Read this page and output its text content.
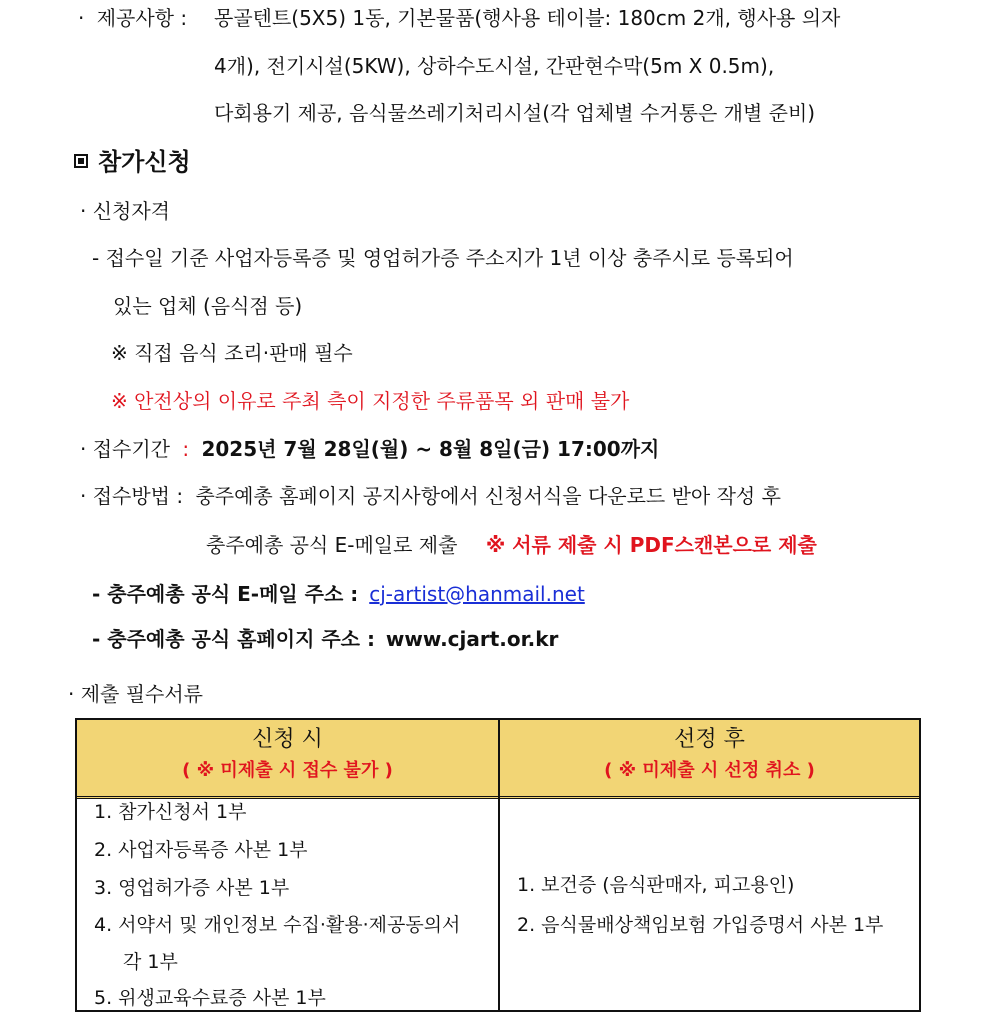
· 제공사항 : 몽골텐트(5X5) 1동, 기본물품(행사용 테이블: 180cm 2개, 행사용 의자
4개), 전기시설(5KW), 상하수도시설, 간판현수막(5m X 0.5m),
다회용기 제공, 음식물쓰레기처리시설(각 업체별 수거통은 개별 준비)
참가신청
· 신청자격
- 접수일 기준 사업자등록증 및 영업허가증 주소지가 1년 이상 충주시로 등록되어
있는 업체 (음식점 등)
※ 직접 음식 조리·판매 필수
※ 안전상의 이유로 주최 측이 지정한 주류품목 외 판매 불가
· 접수기간 : 2025년 7월 28일(월) ~ 8월 8일(금) 17:00까지
· 접수방법 : 충주예총 홈페이지 공지사항에서 신청서식을 다운로드 받아 작성 후
충주예총 공식 E-메일로 제출 ※ 서류 제출 시 PDF스캔본으로 제출
- 충주예총 공식 E-메일 주소 : cj-artist@hanmail.net
- 충주예총 공식 홈페이지 주소 : www.cjart.or.kr
· 제출 필수서류
신청 시
( ※ 미제출 시 접수 불가 )
선정 후
( ※ 미제출 시 선정 취소 )
1. 참가신청서 1부
2. 사업자등록증 사본 1부
3. 영업허가증 사본 1부
4. 서약서 및 개인정보 수집·활용·제공동의서
각 1부
5. 위생교육수료증 사본 1부
1. 보건증 (음식판매자, 피고용인)
2. 음식물배상책임보험 가입증명서 사본 1부
